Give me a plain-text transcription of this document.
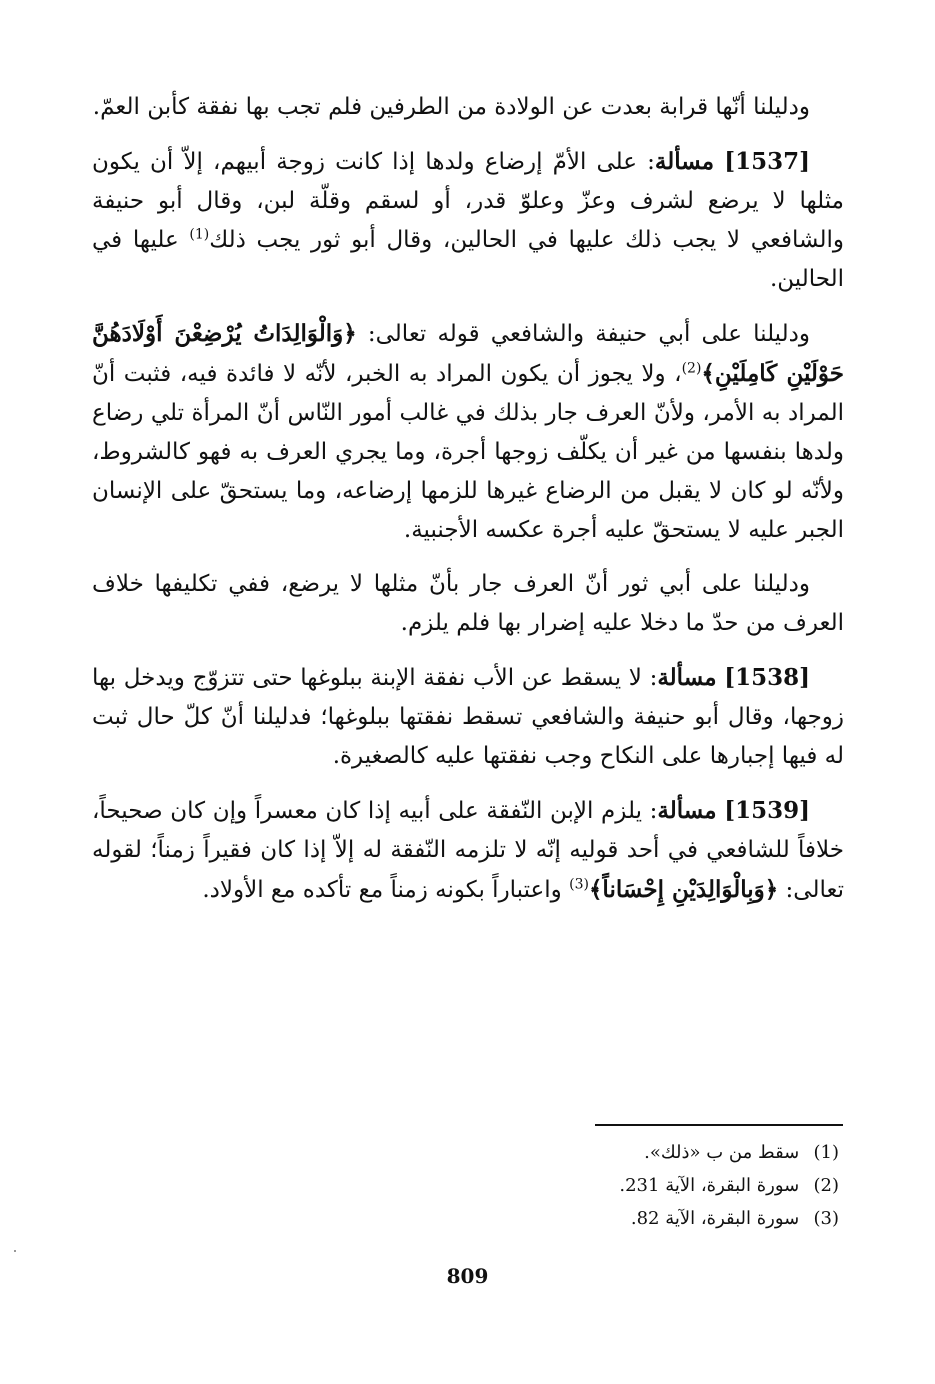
ودليلنا أنّها قرابة بعدت عن الولادة من الطرفين فلم تجب بها نفقة كأبن العمّ.

[1537] مسألة: على الأمّ إرضاع ولدها إذا كانت زوجة أبيهم، إلاّ أن يكون مثلها لا يرضع لشرف وعزّ وعلوّ قدر، أو لسقم وقلّة لبن، وقال أبو حنيفة والشافعي لا يجب ذلك عليها في الحالين، وقال أبو ثور يجب ذلك$^{(1)}$ عليها في الحالين.

ودليلنا على أبي حنيفة والشافعي قوله تعالى: ﴿وَالْوَالِدَاتُ يُرْضِعْنَ أَوْلَادَهُنَّ حَوْلَيْنِ كَامِلَيْنِ﴾$^{(2)}$، ولا يجوز أن يكون المراد به الخبر، لأنّه لا فائدة فيه، فثبت أنّ المراد به الأمر، ولأنّ العرف جار بذلك في غالب أمور النّاس أنّ المرأة تلي رضاع ولدها بنفسها من غير أن يكلّف زوجها أجرة، وما يجري العرف به فهو كالشروط، ولأنّه لو كان لا يقبل من الرضاع غيرها للزمها إرضاعه، وما يستحقّ على الإنسان الجبر عليه لا يستحقّ عليه أجرة عكسه الأجنبية.

ودليلنا على أبي ثور أنّ العرف جار بأنّ مثلها لا يرضع، ففي تكليفها خلاف العرف من حدّ ما دخلا عليه إضرار بها فلم يلزم.

[1538] مسألة: لا يسقط عن الأب نفقة الإبنة ببلوغها حتى تتزوّج ويدخل بها زوجها، وقال أبو حنيفة والشافعي تسقط نفقتها ببلوغها؛ فدليلنا أنّ كلّ حال ثبت له فيها إجبارها على النكاح وجب نفقتها عليه كالصغيرة.

[1539] مسألة: يلزم الإبن النّفقة على أبيه إذا كان معسراً وإن كان صحيحاً، خلافاً للشافعي في أحد قوليه إنّه لا تلزمه النّفقة له إلاّ إذا كان فقيراً زمناً؛ لقوله تعالى: ﴿وَبِالْوَالِدَيْنِ إِحْسَاناً﴾$^{(3)}$ واعتباراً بكونه زمناً مع تأكده مع الأولاد.

(1) سقط من ب «ذلك».
(2) سورة البقرة، الآية 231.
(3) سورة البقرة، الآية 82.
809
